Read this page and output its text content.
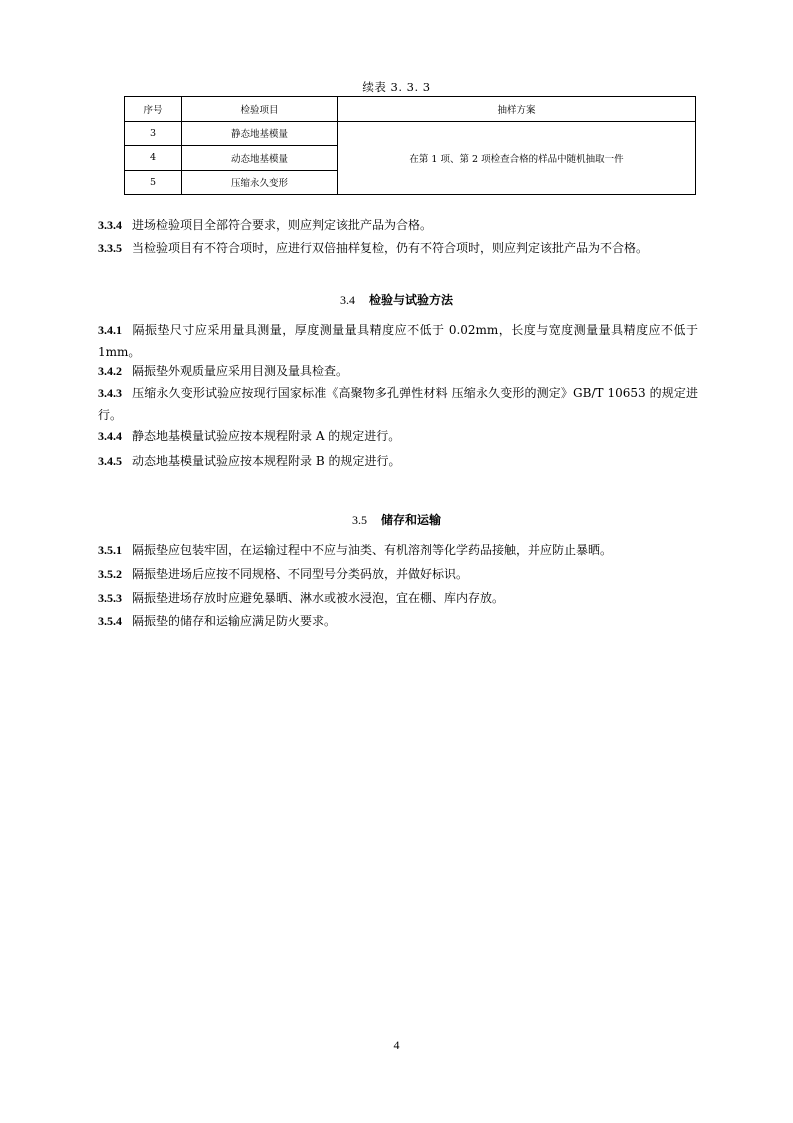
续表 3. 3. 3
序号	检验项目	抽样方案
3	静态地基模量	在第 1 项、第 2 项检查合格的样品中随机抽取一件
4	动态地基模量	
5	压缩永久变形	
3.3.4 进场检验项目全部符合要求，则应判定该批产品为合格。
3.3.5 当检验项目有不符合项时，应进行双倍抽样复检，仍有不符合项时，则应判定该批产品为不合格。
3.4 检验与试验方法
3.4.1 隔振垫尺寸应采用量具测量，厚度测量量具精度应不低于 0.02mm，长度与宽度测量量具精度应不低于 1mm。
3.4.2 隔振垫外观质量应采用目测及量具检查。
3.4.3 压缩永久变形试验应按现行国家标准《高聚物多孔弹性材料 压缩永久变形的测定》GB/T 10653 的规定进行。
3.4.4 静态地基模量试验应按本规程附录 A 的规定进行。
3.4.5 动态地基模量试验应按本规程附录 B 的规定进行。
3.5 储存和运输
3.5.1 隔振垫应包装牢固，在运输过程中不应与油类、有机溶剂等化学药品接触，并应防止暴晒。
3.5.2 隔振垫进场后应按不同规格、不同型号分类码放，并做好标识。
3.5.3 隔振垫进场存放时应避免暴晒、淋水或被水浸泡，宜在棚、库内存放。
3.5.4 隔振垫的储存和运输应满足防火要求。
4
